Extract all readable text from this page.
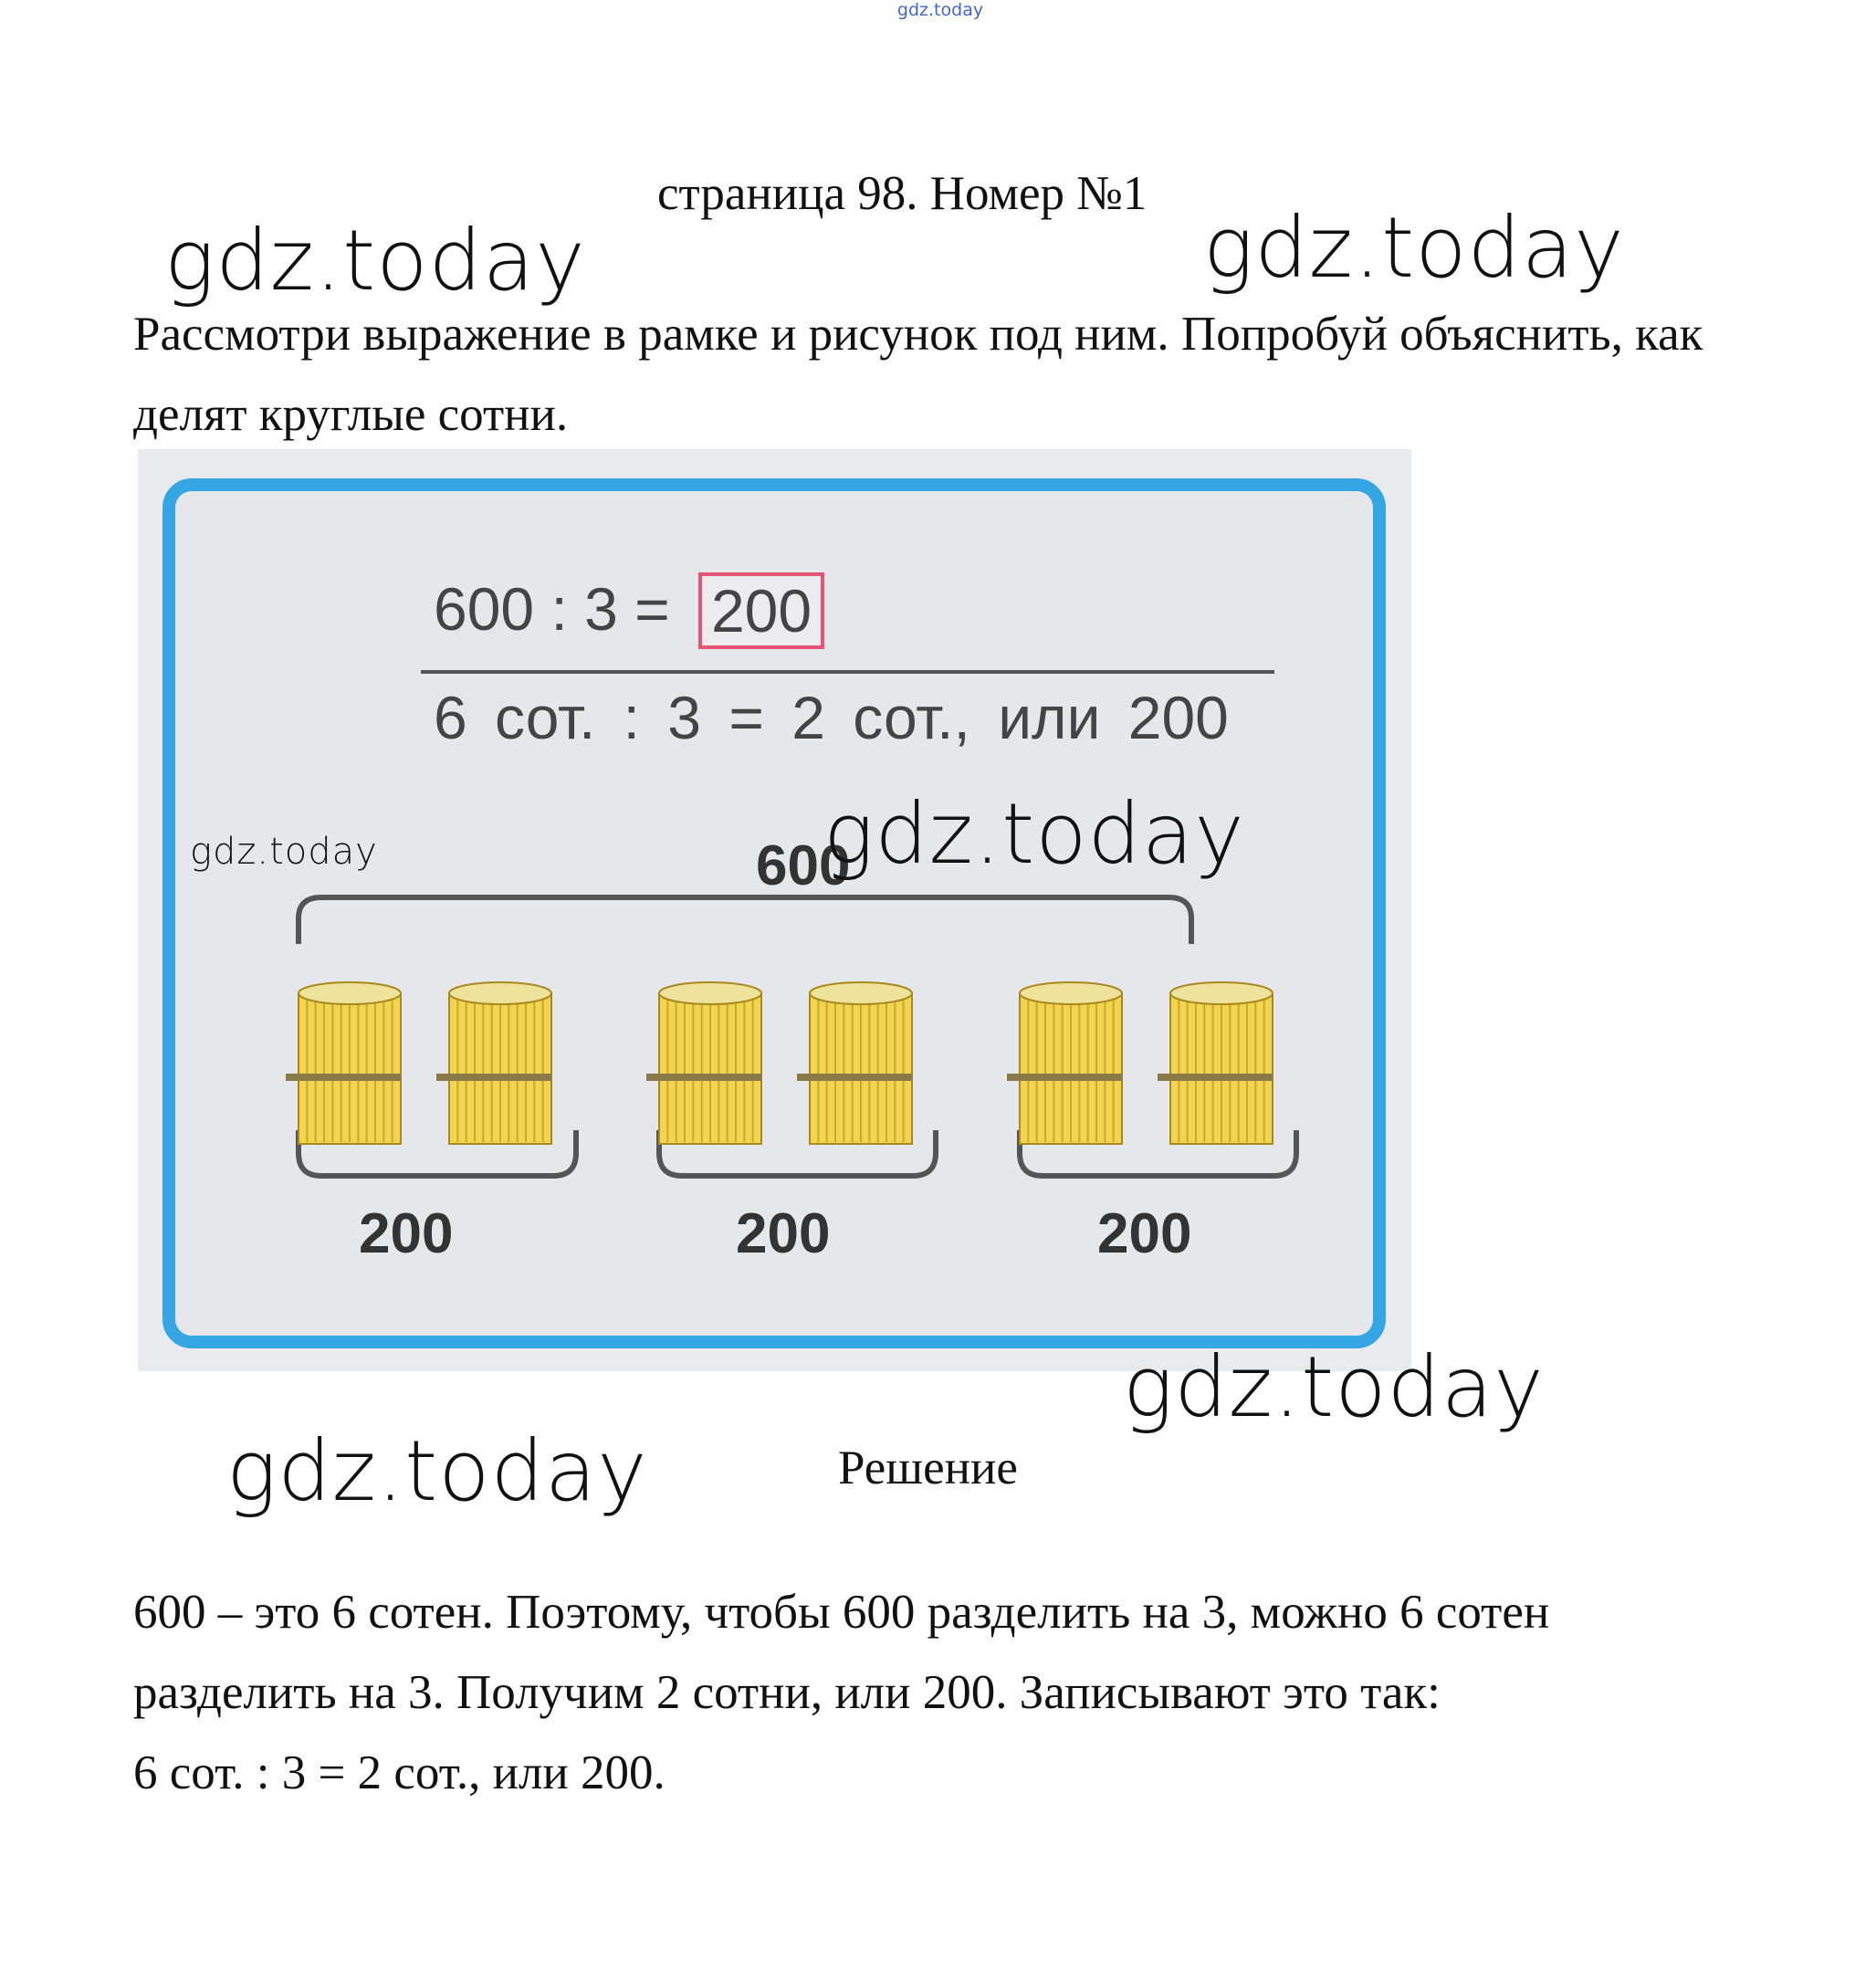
gdz.today
страница 98. Номер №1
gdz.today	gdz.today
Рассмотри выражение в рамке и рисунок под ним. Попробуй объяснить, как делят круглые сотни.
600 : 3 = 200
6 сот. : 3 = 2 сот., или 200
600
200	200	200
gdz.today	gdz.today
gdz.today
gdz.today	Решение

600 – это 6 сотен. Поэтому, чтобы 600 разделить на 3, можно 6 сотен

разделить на 3. Получим 2 сотни, или 200. Записывают это так:

6 сот. : 3 = 2 сот., или 200.
